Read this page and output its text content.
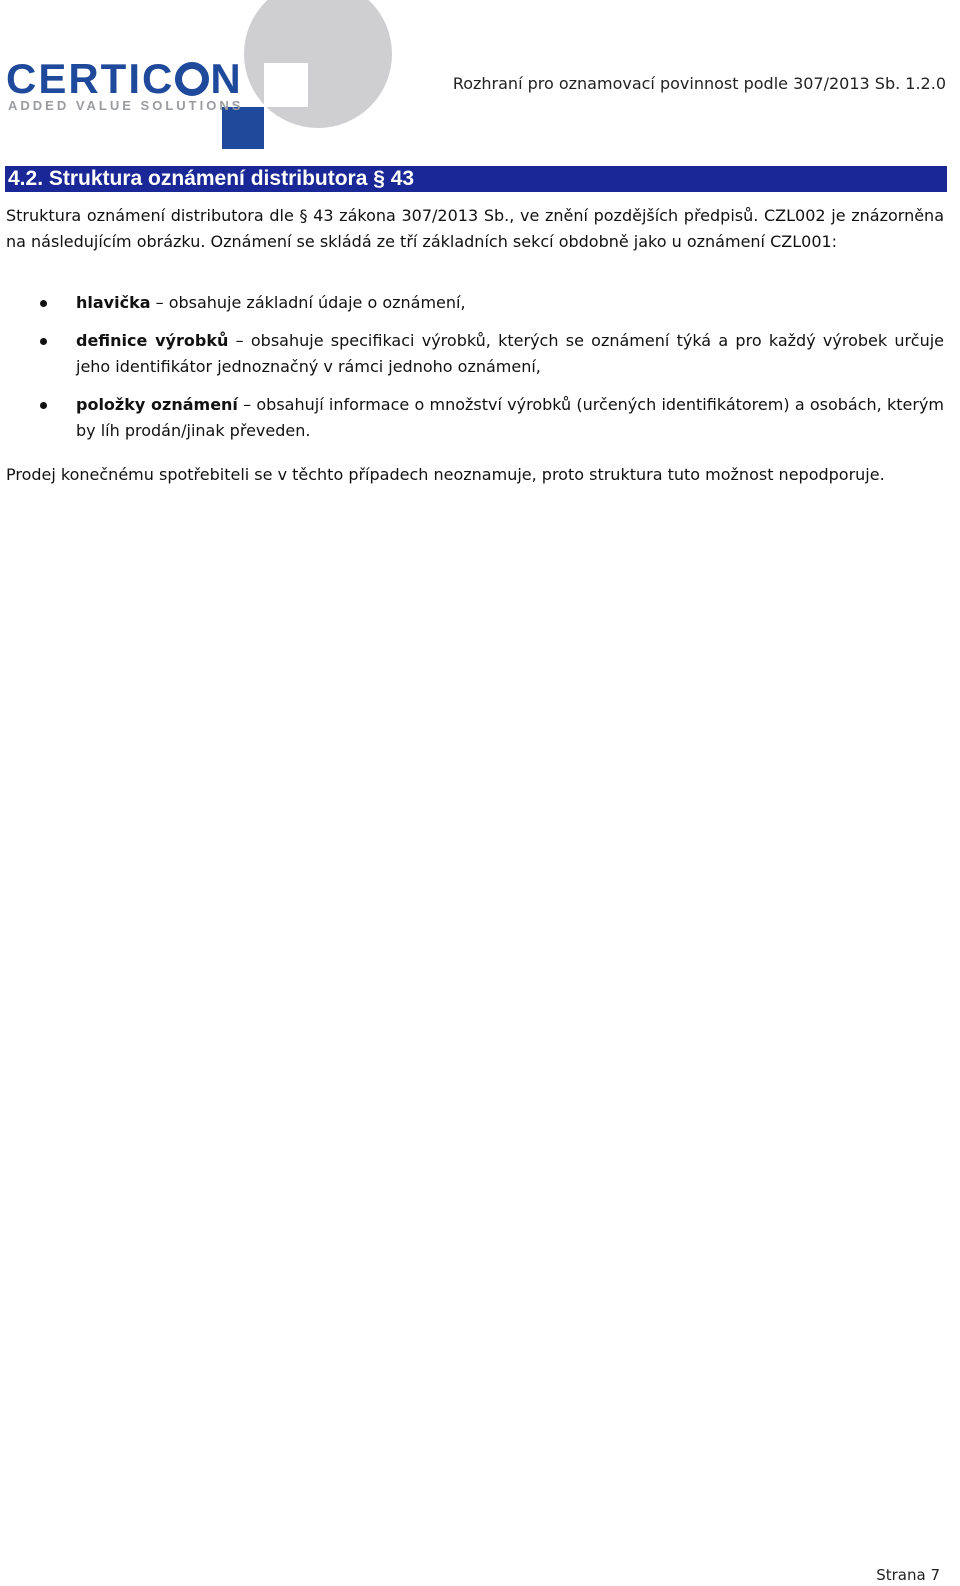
CERTIC N
ADDED VALUE SOLUTIONS
Rozhraní pro oznamovací povinnost podle 307/2013 Sb. 1.2.0
4.2. Struktura oznámení distributora § 43
Struktura oznámení distributora dle § 43 zákona 307/2013 Sb., ve znění pozdějších předpisů. CZL002 je znázorněna na následujícím obrázku. Oznámení se skládá ze tří základních sekcí obdobně jako u oznámení CZL001:
hlavička – obsahuje základní údaje o oznámení,
definice výrobků – obsahuje specifikaci výrobků, kterých se oznámení týká a pro každý výrobek určuje jeho identifikátor jednoznačný v rámci jednoho oznámení,
položky oznámení – obsahují informace o množství výrobků (určených identifikátorem) a osobách, kterým by líh prodán/jinak převeden.
Prodej konečnému spotřebiteli se v těchto případech neoznamuje, proto struktura tuto možnost nepodporuje.
Strana 7
